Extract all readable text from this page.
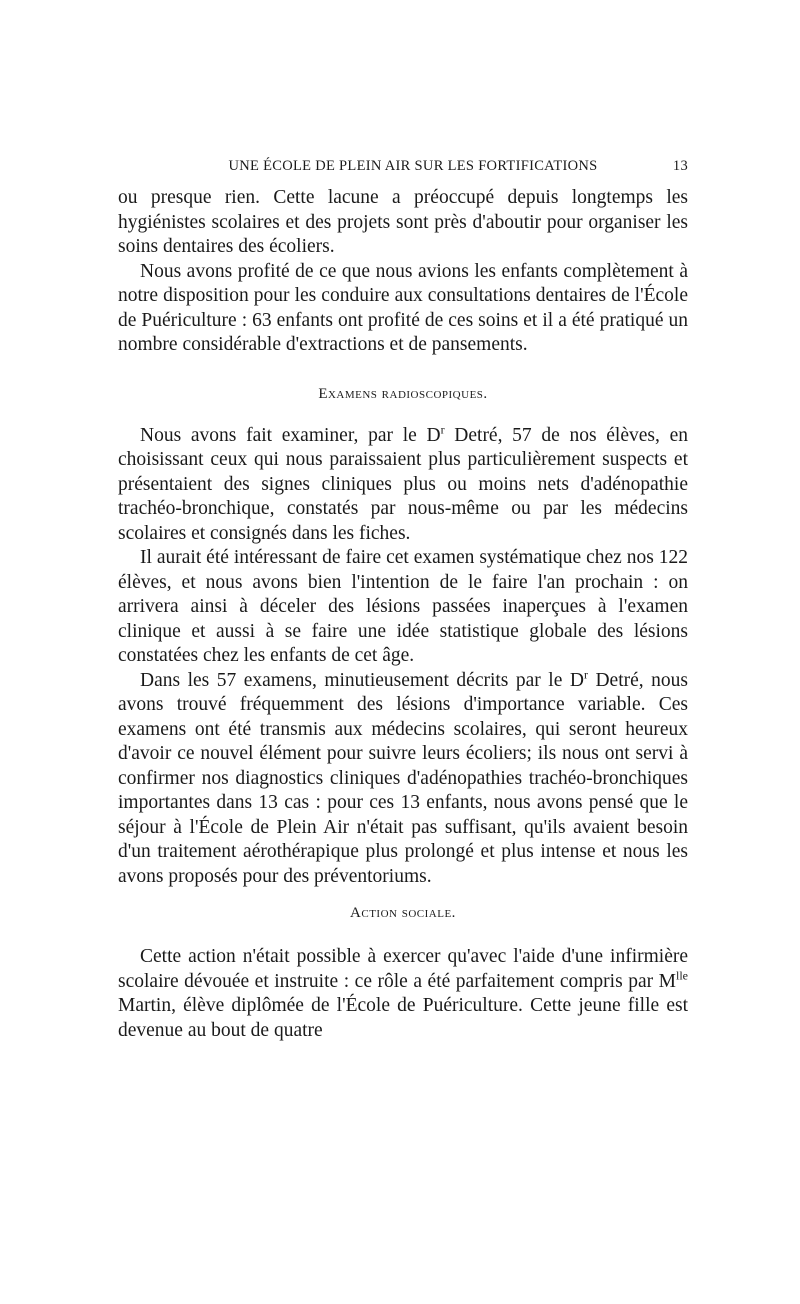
UNE ÉCOLE DE PLEIN AIR SUR LES FORTIFICATIONS	13

ou presque rien. Cette lacune a préoccupé depuis longtemps les hygiénistes scolaires et des projets sont près d'aboutir pour organiser les soins dentaires des écoliers.

Nous avons profité de ce que nous avions les enfants complètement à notre disposition pour les conduire aux consultations dentaires de l'École de Puériculture : 63 enfants ont profité de ces soins et il a été pratiqué un nombre considérable d'extractions et de pansements.

Examens radioscopiques.

Nous avons fait examiner, par le $D^r$ Detré, 57 de nos élèves, en choisissant ceux qui nous paraissaient plus particulièrement suspects et présentaient des signes cliniques plus ou moins nets d'adénopathie trachéo-bronchique, constatés par nous-même ou par les médecins scolaires et consignés dans les fiches.

Il aurait été intéressant de faire cet examen systématique chez nos 122 élèves, et nous avons bien l'intention de le faire l'an prochain : on arrivera ainsi à déceler des lésions passées inaperçues à l'examen clinique et aussi à se faire une idée statistique globale des lésions constatées chez les enfants de cet âge.

Dans les 57 examens, minutieusement décrits par le $D^r$ Detré, nous avons trouvé fréquemment des lésions d'importance variable. Ces examens ont été transmis aux médecins scolaires, qui seront heureux d'avoir ce nouvel élément pour suivre leurs écoliers; ils nous ont servi à confirmer nos diagnostics cliniques d'adénopathies trachéo-bronchiques importantes dans 13 cas : pour ces 13 enfants, nous avons pensé que le séjour à l'École de Plein Air n'était pas suffisant, qu'ils avaient besoin d'un traitement aérothérapique plus prolongé et plus intense et nous les avons proposés pour des préventoriums.

Action sociale.

Cette action n'était possible à exercer qu'avec l'aide d'une infirmière scolaire dévouée et instruite : ce rôle a été parfaitement compris par $M^{lle}$ Martin, élève diplômée de l'École de Puériculture. Cette jeune fille est devenue au bout de quatre
